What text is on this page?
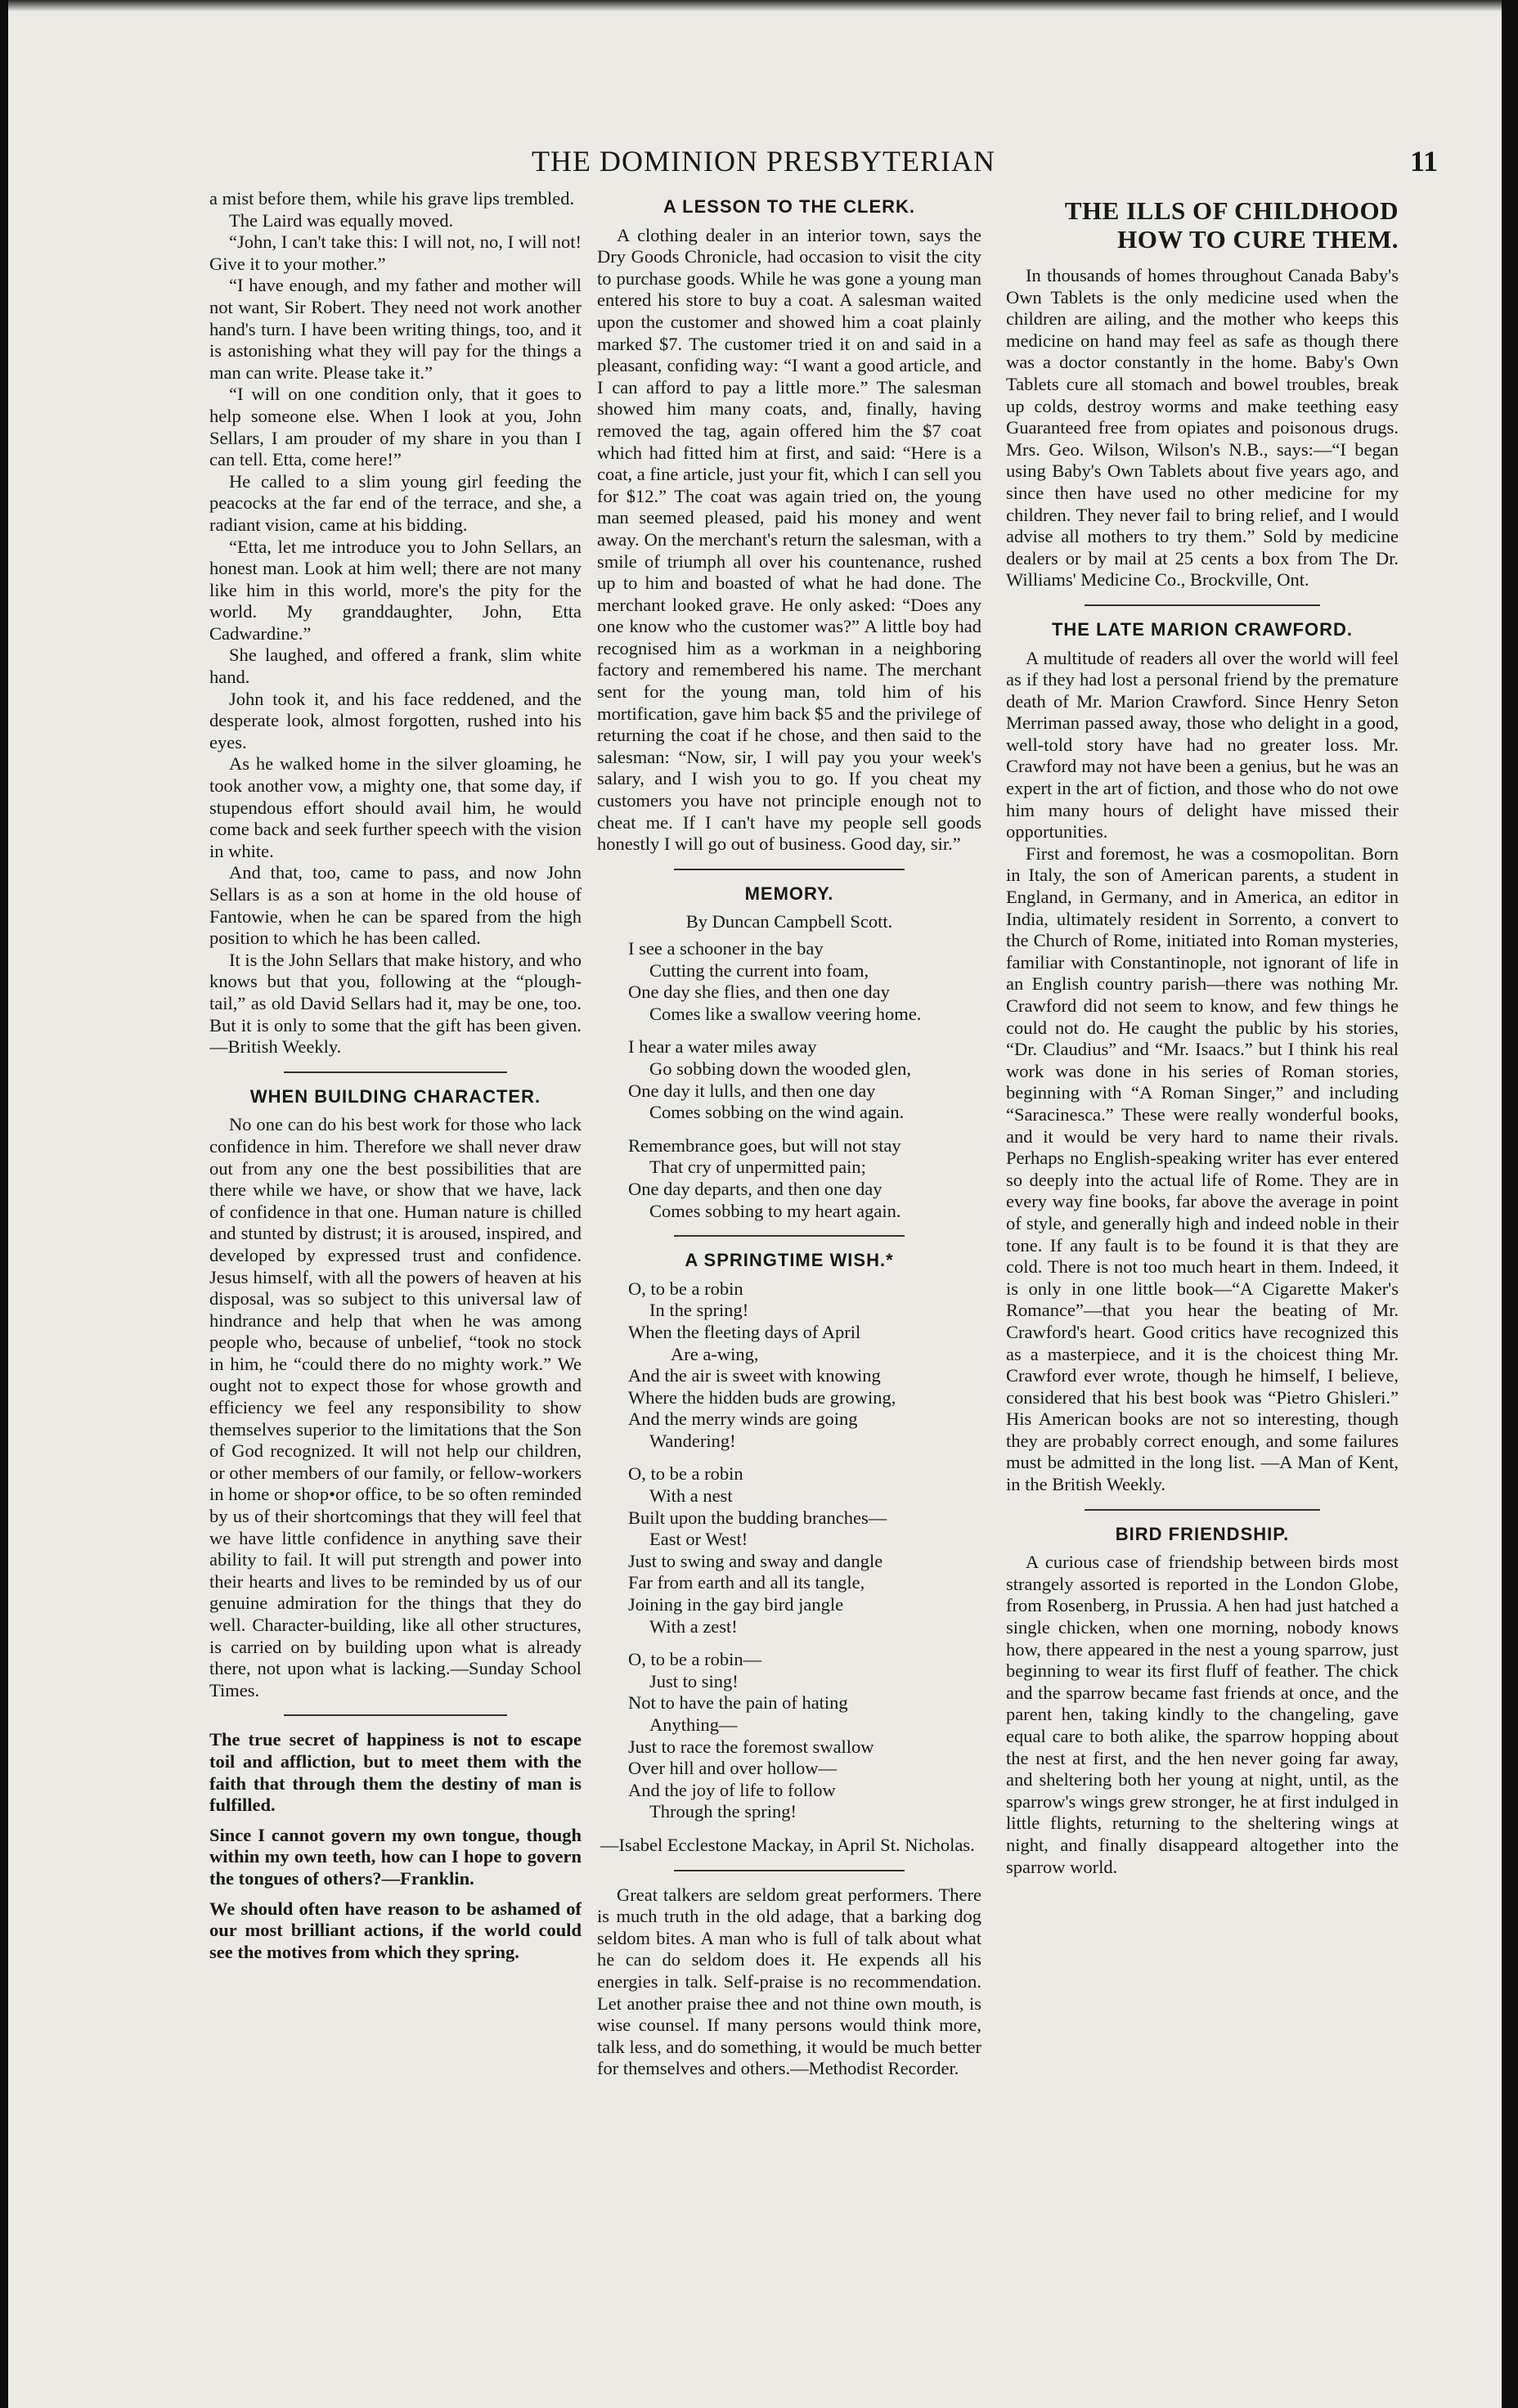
THE DOMINION PRESBYTERIAN	11

a mist before them, while his grave lips trembled.

The Laird was equally moved.

“John, I can't take this: I will not, no, I will not! Give it to your mother.”

“I have enough, and my father and mother will not want, Sir Robert. They need not work another hand's turn. I have been writing things, too, and it is astonishing what they will pay for the things a man can write. Please take it.”

“I will on one condition only, that it goes to help someone else. When I look at you, John Sellars, I am prouder of my share in you than I can tell. Etta, come here!”

He called to a slim young girl feeding the peacocks at the far end of the terrace, and she, a radiant vision, came at his bidding.

“Etta, let me introduce you to John Sellars, an honest man. Look at him well; there are not many like him in this world, more's the pity for the world. My granddaughter, John, Etta Cadwardine.”

She laughed, and offered a frank, slim white hand.

John took it, and his face reddened, and the desperate look, almost forgotten, rushed into his eyes.

As he walked home in the silver gloaming, he took another vow, a mighty one, that some day, if stupendous effort should avail him, he would come back and seek further speech with the vision in white.

And that, too, came to pass, and now John Sellars is as a son at home in the old house of Fantowie, when he can be spared from the high position to which he has been called.

It is the John Sellars that make history, and who knows but that you, following at the “plough-tail,” as old David Sellars had it, may be one, too. But it is only to some that the gift has been given.—British Weekly.

WHEN BUILDING CHARACTER.

No one can do his best work for those who lack confidence in him. Therefore we shall never draw out from any one the best possibilities that are there while we have, or show that we have, lack of confidence in that one. Human nature is chilled and stunted by distrust; it is aroused, inspired, and developed by expressed trust and confidence. Jesus himself, with all the powers of heaven at his disposal, was so subject to this universal law of hindrance and help that when he was among people who, because of unbelief, “took no stock in him, he “could there do no mighty work.” We ought not to expect those for whose growth and efficiency we feel any responsibility to show themselves superior to the limitations that the Son of God recognized. It will not help our children, or other members of our family, or fellow-workers in home or shop•or office, to be so often reminded by us of their shortcomings that they will feel that we have little confidence in anything save their ability to fail. It will put strength and power into their hearts and lives to be reminded by us of our genuine admiration for the things that they do well. Character-building, like all other structures, is carried on by building upon what is already there, not upon what is lacking.—Sunday School Times.

The true secret of happiness is not to escape toil and affliction, but to meet them with the faith that through them the destiny of man is fulfilled.

Since I cannot govern my own tongue, though within my own teeth, how can I hope to govern the tongues of others?—Franklin.

We should often have reason to be ashamed of our most brilliant actions, if the world could see the motives from which they spring.

A LESSON TO THE CLERK.

A clothing dealer in an interior town, says the Dry Goods Chronicle, had occasion to visit the city to purchase goods. While he was gone a young man entered his store to buy a coat. A salesman waited upon the customer and showed him a coat plainly marked $7. The customer tried it on and said in a pleasant, confiding way: “I want a good article, and I can afford to pay a little more.” The salesman showed him many coats, and, finally, having removed the tag, again offered him the $7 coat which had fitted him at first, and said: “Here is a coat, a fine article, just your fit, which I can sell you for $12.” The coat was again tried on, the young man seemed pleased, paid his money and went away. On the merchant's return the salesman, with a smile of triumph all over his countenance, rushed up to him and boasted of what he had done. The merchant looked grave. He only asked: “Does any one know who the customer was?” A little boy had recognised him as a workman in a neighboring factory and remembered his name. The merchant sent for the young man, told him of his mortification, gave him back $5 and the privilege of returning the coat if he chose, and then said to the salesman: “Now, sir, I will pay you your week's salary, and I wish you to go. If you cheat my customers you have not principle enough not to cheat me. If I can't have my people sell goods honestly I will go out of business. Good day, sir.”

MEMORY.
By Duncan Campbell Scott.
I see a schooner in the bay
Cutting the current into foam,
One day she flies, and then one day
Comes like a swallow veering home.
I hear a water miles away
Go sobbing down the wooded glen,
One day it lulls, and then one day
Comes sobbing on the wind again.
Remembrance goes, but will not stay
That cry of unpermitted pain;
One day departs, and then one day
Comes sobbing to my heart again.
A SPRINGTIME WISH.*
O, to be a robin
In the spring!
When the fleeting days of April
Are a-wing,
And the air is sweet with knowing
Where the hidden buds are growing,
And the merry winds are going
Wandering!
O, to be a robin
With a nest
Built upon the budding branches—
East or West!
Just to swing and sway and dangle
Far from earth and all its tangle,
Joining in the gay bird jangle
With a zest!
O, to be a robin—
Just to sing!
Not to have the pain of hating
Anything—
Just to race the foremost swallow
Over hill and over hollow—
And the joy of life to follow
Through the spring!
—Isabel Ecclestone Mackay, in April St. Nicholas.

Great talkers are seldom great performers. There is much truth in the old adage, that a barking dog seldom bites. A man who is full of talk about what he can do seldom does it. He expends all his energies in talk. Self-praise is no recommendation. Let another praise thee and not thine own mouth, is wise counsel. If many persons would think more, talk less, and do something, it would be much better for themselves and others.—Methodist Recorder.

THE ILLS OF CHILDHOOD
HOW TO CURE THEM.

In thousands of homes throughout Canada Baby's Own Tablets is the only medicine used when the children are ailing, and the mother who keeps this medicine on hand may feel as safe as though there was a doctor constantly in the home. Baby's Own Tablets cure all stomach and bowel troubles, break up colds, destroy worms and make teething easy Guaranteed free from opiates and poisonous drugs. Mrs. Geo. Wilson, Wilson's N.B., says:—“I began using Baby's Own Tablets about five years ago, and since then have used no other medicine for my children. They never fail to bring relief, and I would advise all mothers to try them.” Sold by medicine dealers or by mail at 25 cents a box from The Dr. Williams' Medicine Co., Brockville, Ont.

THE LATE MARION CRAWFORD.

A multitude of readers all over the world will feel as if they had lost a personal friend by the premature death of Mr. Marion Crawford. Since Henry Seton Merriman passed away, those who delight in a good, well-told story have had no greater loss. Mr. Crawford may not have been a genius, but he was an expert in the art of fiction, and those who do not owe him many hours of delight have missed their opportunities.

First and foremost, he was a cosmopolitan. Born in Italy, the son of American parents, a student in England, in Germany, and in America, an editor in India, ultimately resident in Sorrento, a convert to the Church of Rome, initiated into Roman mysteries, familiar with Constantinople, not ignorant of life in an English country parish—there was nothing Mr. Crawford did not seem to know, and few things he could not do. He caught the public by his stories, “Dr. Claudius” and “Mr. Isaacs.” but I think his real work was done in his series of Roman stories, beginning with “A Roman Singer,” and including “Saracinesca.” These were really wonderful books, and it would be very hard to name their rivals. Perhaps no English-speaking writer has ever entered so deeply into the actual life of Rome. They are in every way fine books, far above the average in point of style, and generally high and indeed noble in their tone. If any fault is to be found it is that they are cold. There is not too much heart in them. Indeed, it is only in one little book—“A Cigarette Maker's Romance”—that you hear the beating of Mr. Crawford's heart. Good critics have recognized this as a masterpiece, and it is the choicest thing Mr. Crawford ever wrote, though he himself, I believe, considered that his best book was “Pietro Ghisleri.” His American books are not so interesting, though they are probably correct enough, and some failures must be admitted in the long list. —A Man of Kent, in the British Weekly.

BIRD FRIENDSHIP.

A curious case of friendship between birds most strangely assorted is reported in the London Globe, from Rosenberg, in Prussia. A hen had just hatched a single chicken, when one morning, nobody knows how, there appeared in the nest a young sparrow, just beginning to wear its first fluff of feather. The chick and the sparrow became fast friends at once, and the parent hen, taking kindly to the changeling, gave equal care to both alike, the sparrow hopping about the nest at first, and the hen never going far away, and sheltering both her young at night, until, as the sparrow's wings grew stronger, he at first indulged in little flights, returning to the sheltering wings at night, and finally disappeard altogether into the sparrow world.
